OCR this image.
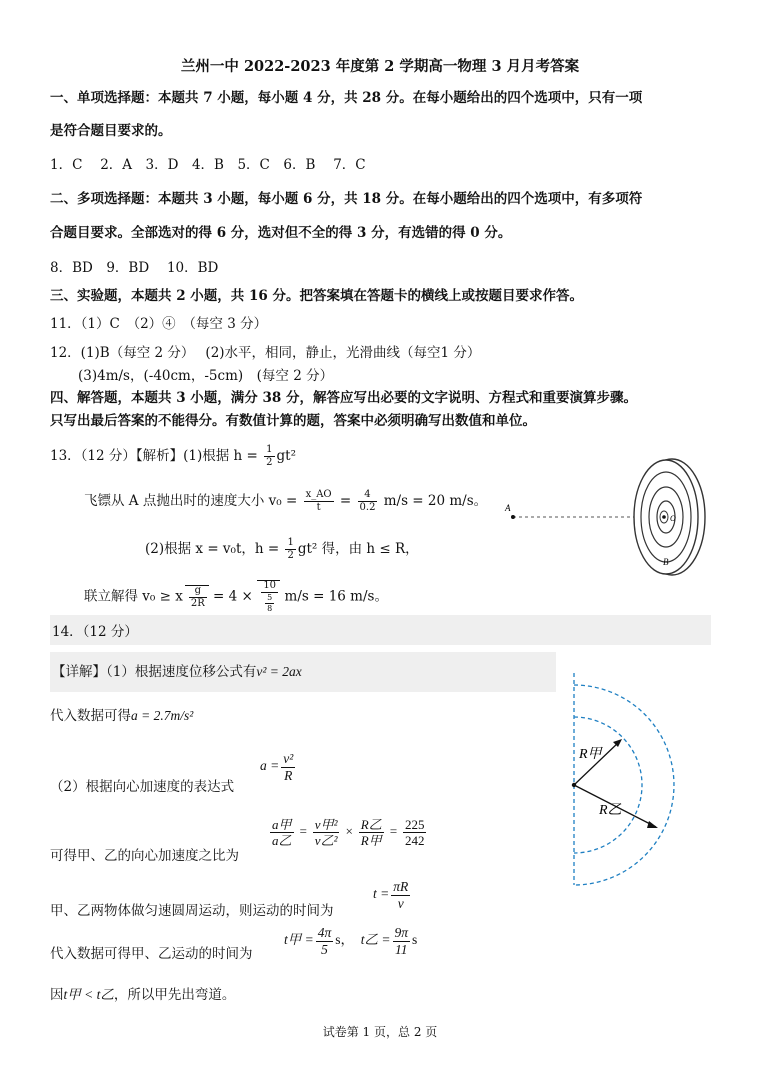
兰州一中 2022-2023 年度第 2 学期高一物理 3 月月考答案
一、单项选择题：本题共 7 小题，每小题 4 分，共 28 分。在每小题给出的四个选项中，只有一项
是符合题目要求的。
1．C　 2．A　3．D　4．B　5．C　6．B　 7．C
二、多项选择题：本题共 3 小题，每小题 6 分，共 18 分。在每小题给出的四个选项中，有多项符
合题目要求。全部选对的得 6 分，选对但不全的得 3 分，有选错的得 0 分。
8．BD　9．BD　 10．BD
三、实验题，本题共 2 小题，共 16 分。把答案填在答题卡的横线上或按题目要求作答。
11．（1）C　（2）④　（每空 3 分）
12．(1)B（每空 2 分）　 (2)水平，相同，静止，光滑曲线（每空1 分）
(3)4m/s，(-40cm，-5cm)　(每空 2 分）
四、解答题，本题共 3 小题，满分 38 分，解答应写出必要的文字说明、方程式和重要演算步骤。
只写出最后答案的不能得分。有数值计算的题，答案中必须明确写出数值和单位。
13．（12 分）【解析】(1)根据 $h = \frac{1}{2} gt^2$
飞镖从 A 点抛出时的速度大小 $v_0 = \frac{x\_AO}{t} = \frac{4}{0.2} m/s = 20$ m/s。
(2)根据 x = v₀t，$h = \frac{1}{2} gt^2$ 得，由 h ≤ R，
联立解得 v₀ ≥ x $\frac{g}{2R} = 4 \times \frac{10}{\frac{5}{8}} m/s = 16$ m/s。
A
O
B
14．（12 分）
【详解】（1）根据速度位移公式有v² = 2ax
代入数据可得a = 2.7m/s²
（2）根据向心加速度的表达式
$a = \frac{\text{v²}}{R}$
可得甲、乙的向心加速度之比为
$\frac{\text{a甲}}{\text{a乙}} = \frac{\text{v甲²}}{\text{v乙²}} \times \frac{\text{R乙}}{\text{R甲}} = \frac{225}{242}$
甲、乙两物体做匀速圆周运动，则运动的时间为
$t = \frac{\pi R}{v}$
代入数据可得甲、乙运动的时间为
t甲 = $\frac{4\pi}{5}$ s， t乙 = $\frac{9\pi}{11}$ s
因t甲 < t乙，所以甲先出弯道。
R甲
R乙
试卷第 1 页，总 2 页
